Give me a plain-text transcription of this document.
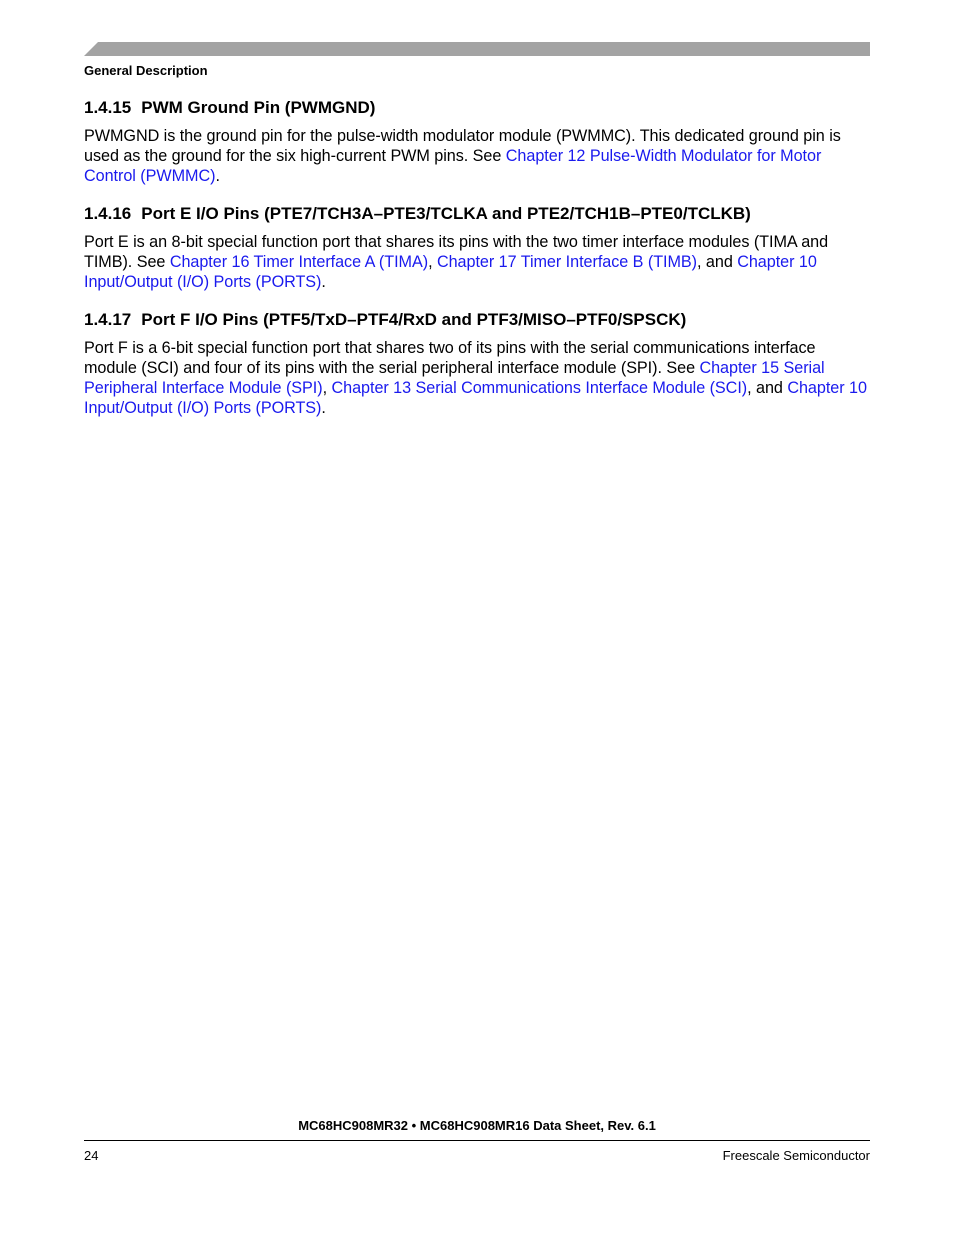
General Description
1.4.15 PWM Ground Pin (PWMGND)

PWMGND is the ground pin for the pulse-width modulator module (PWMMC). This dedicated ground pin is used as the ground for the six high-current PWM pins. See Chapter 12 Pulse-Width Modulator for Motor Control (PWMMC).

1.4.16 Port E I/O Pins (PTE7/TCH3A–PTE3/TCLKA and PTE2/TCH1B–PTE0/TCLKB)

Port E is an 8-bit special function port that shares its pins with the two timer interface modules (TIMA and TIMB). See Chapter 16 Timer Interface A (TIMA), Chapter 17 Timer Interface B (TIMB), and Chapter 10 Input/Output (I/O) Ports (PORTS).

1.4.17 Port F I/O Pins (PTF5/TxD–PTF4/RxD and PTF3/MISO–PTF0/SPSCK)

Port F is a 6-bit special function port that shares two of its pins with the serial communications interface module (SCI) and four of its pins with the serial peripheral interface module (SPI). See Chapter 15 Serial Peripheral Interface Module (SPI), Chapter 13 Serial Communications Interface Module (SCI), and Chapter 10 Input/Output (I/O) Ports (PORTS).

MC68HC908MR32 • MC68HC908MR16 Data Sheet, Rev. 6.1
24	Freescale Semiconductor
